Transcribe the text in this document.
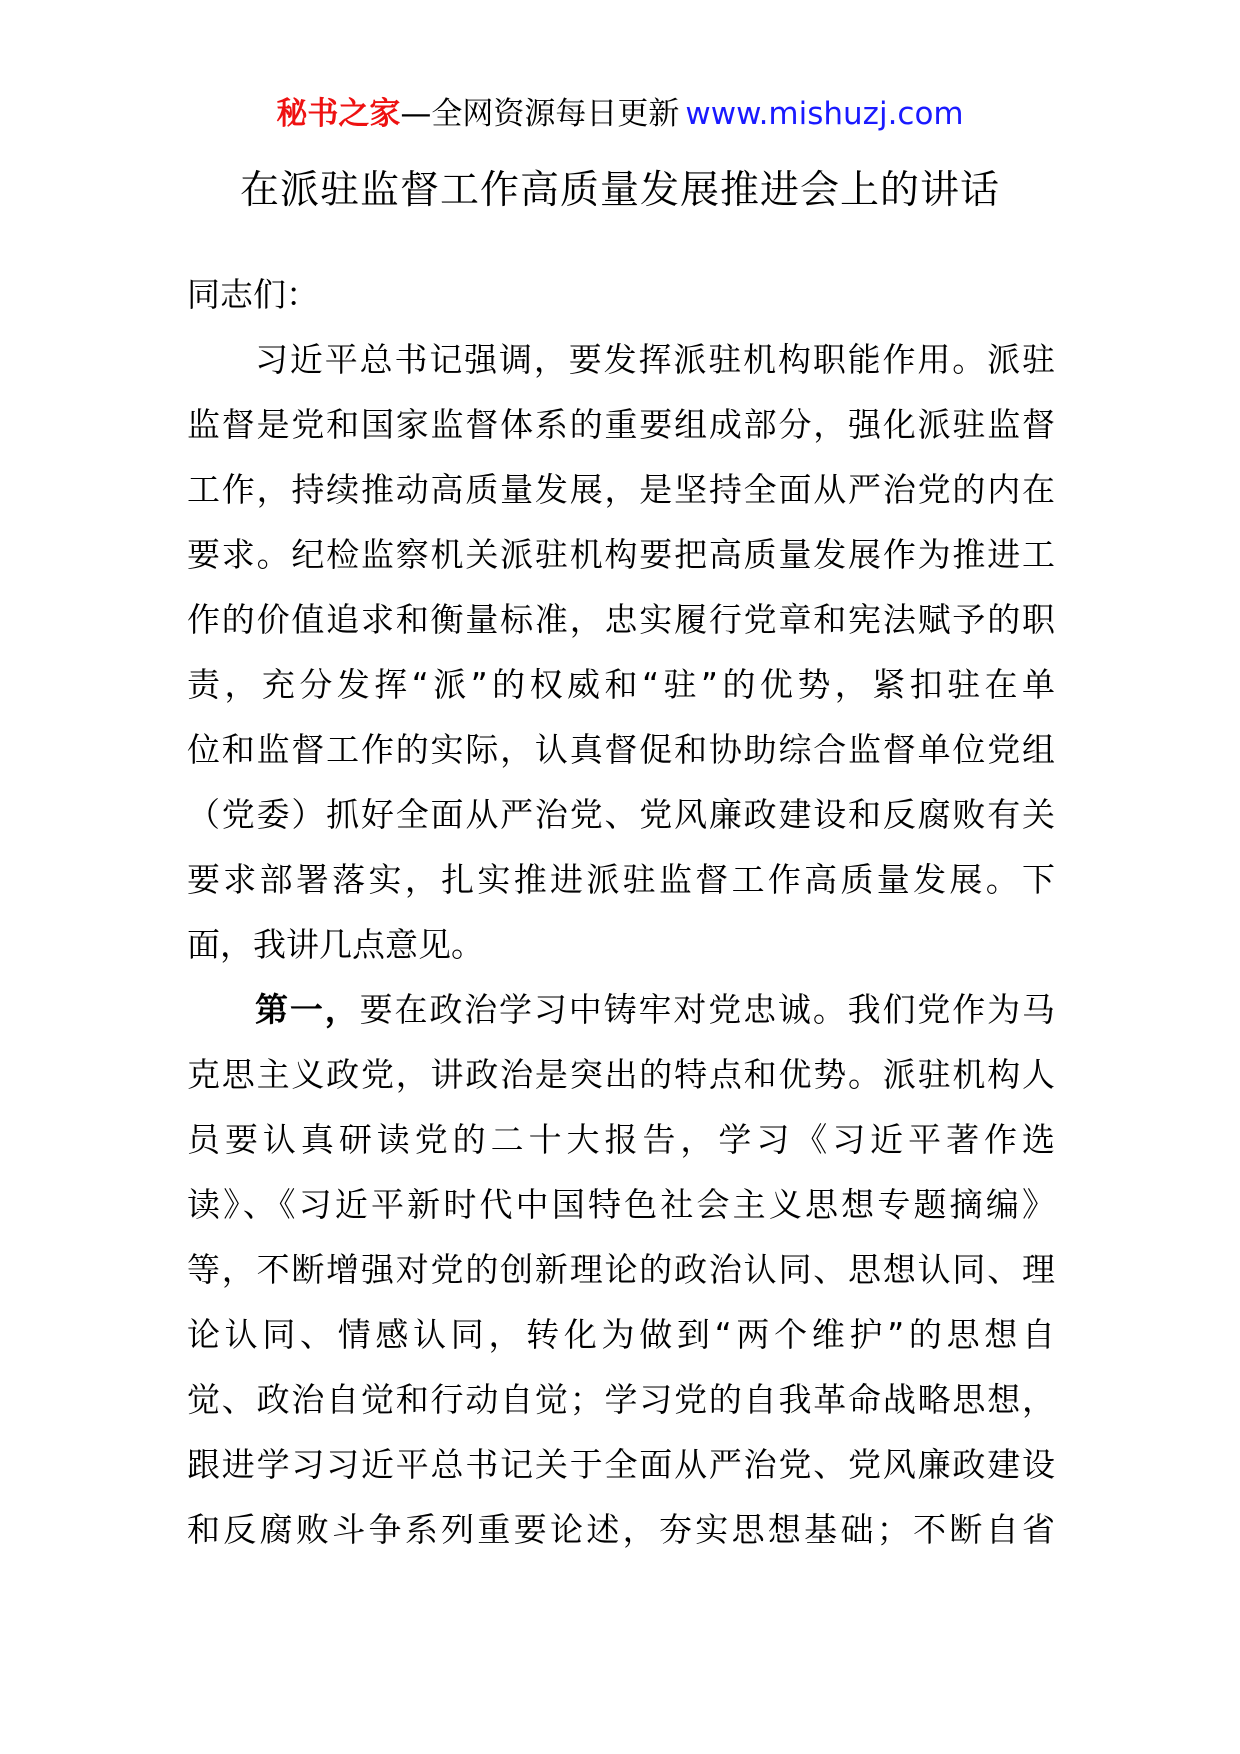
秘书之家—全网资源每日更新 www.mishuzj.com
在派驻监督工作高质量发展推进会上的讲话
同志们：
习近平总书记强调，要发挥派驻机构职能作用。派驻
监督是党和国家监督体系的重要组成部分，强化派驻监督
工作，持续推动高质量发展，是坚持全面从严治党的内在
要求。纪检监察机关派驻机构要把高质量发展作为推进工
作的价值追求和衡量标准，忠实履行党章和宪法赋予的职
责，充分发挥“派”的权威和“驻”的优势，紧扣驻在单
位和监督工作的实际，认真督促和协助综合监督单位党组
（党委）抓好全面从严治党、党风廉政建设和反腐败有关
要求部署落实，扎实推进派驻监督工作高质量发展。下
面，我讲几点意见。
第一，要在政治学习中铸牢对党忠诚。我们党作为马
克思主义政党，讲政治是突出的特点和优势。派驻机构人
员要认真研读党的二十大报告，学习《习近平著作选
读》、《习近平新时代中国特色社会主义思想专题摘编》
等，不断增强对党的创新理论的政治认同、思想认同、理
论认同、情感认同，转化为做到“两个维护”的思想自
觉、政治自觉和行动自觉；学习党的自我革命战略思想，
跟进学习习近平总书记关于全面从严治党、党风廉政建设
和反腐败斗争系列重要论述，夯实思想基础；不断自省
